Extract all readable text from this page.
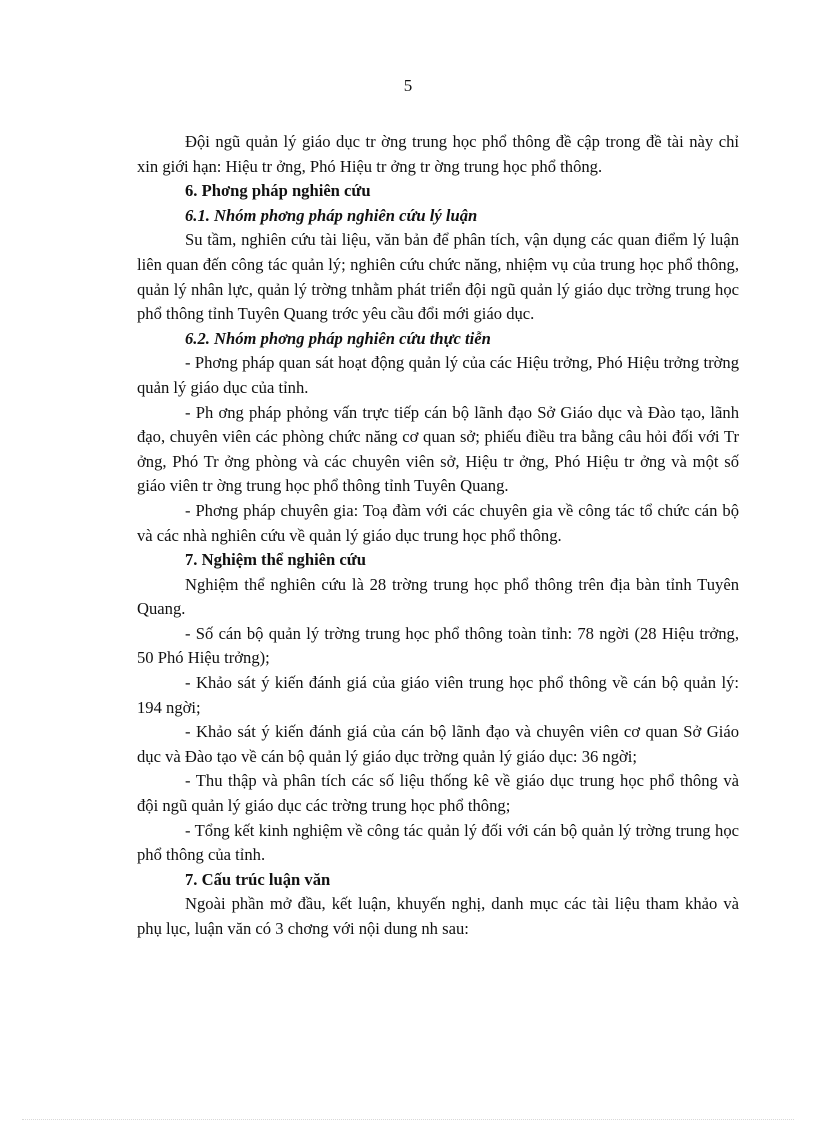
5

Đội ngũ quản lý giáo dục tr ờng trung học phổ thông đề cập trong đề tài này chỉ xin giới hạn: Hiệu tr ởng, Phó Hiệu tr ởng tr ờng trung học phổ thông.

6. Phơng pháp nghiên cứu

6.1. Nhóm phơng pháp nghiên cứu lý luận

Su tầm, nghiên cứu tài liệu, văn bản để phân tích, vận dụng các quan điểm lý luận liên quan đến công tác quản lý; nghiên cứu chức năng, nhiệm vụ của trung học phổ thông, quản lý nhân lực, quản lý trờng tnhằm phát triển đội ngũ quản lý giáo dục trờng trung học phổ thông tỉnh Tuyên Quang trớc yêu cầu đổi mới giáo dục.

6.2. Nhóm phơng pháp nghiên cứu thực tiễn

- Phơng pháp quan sát hoạt động quản lý của các Hiệu trởng, Phó Hiệu trởng trờng quản lý giáo dục của tỉnh.

- Ph ơng pháp phỏng vấn trực tiếp cán bộ lãnh đạo Sở Giáo dục và Đào tạo, lãnh đạo, chuyên viên các phòng chức năng cơ quan sở; phiếu điều tra bằng câu hỏi đối với Tr ởng, Phó Tr ởng phòng và các chuyên viên sở, Hiệu tr ởng, Phó Hiệu tr ởng và một số giáo viên tr ờng trung học phổ thông tỉnh Tuyên Quang.

- Phơng pháp chuyên gia: Toạ đàm với các chuyên gia về công tác tổ chức cán bộ và các nhà nghiên cứu về quản lý giáo dục trung học phổ thông.

7. Nghiệm thể nghiên cứu

Nghiệm thể nghiên cứu là 28 trờng trung học phổ thông trên địa bàn tỉnh Tuyên Quang.

- Số cán bộ quản lý trờng trung học phổ thông toàn tỉnh: 78 ngời (28 Hiệu trởng, 50 Phó Hiệu trởng);

- Khảo sát ý kiến đánh giá của giáo viên trung học phổ thông về cán bộ quản lý: 194 ngời;

- Khảo sát ý kiến đánh giá của cán bộ lãnh đạo và chuyên viên cơ quan Sở Giáo dục và Đào tạo về cán bộ quản lý giáo dục trờng quản lý giáo dục: 36 ngời;

- Thu thập và phân tích các số liệu thống kê về giáo dục trung học phổ thông và đội ngũ quản lý giáo dục các trờng trung học phổ thông;

- Tổng kết kinh nghiệm về công tác quản lý đối với cán bộ quản lý trờng trung học phổ thông của tỉnh.

7. Cấu trúc luận văn

Ngoài phần mở đầu, kết luận, khuyến nghị, danh mục các tài liệu tham khảo và phụ lục, luận văn có 3 chơng với nội dung nh sau:
